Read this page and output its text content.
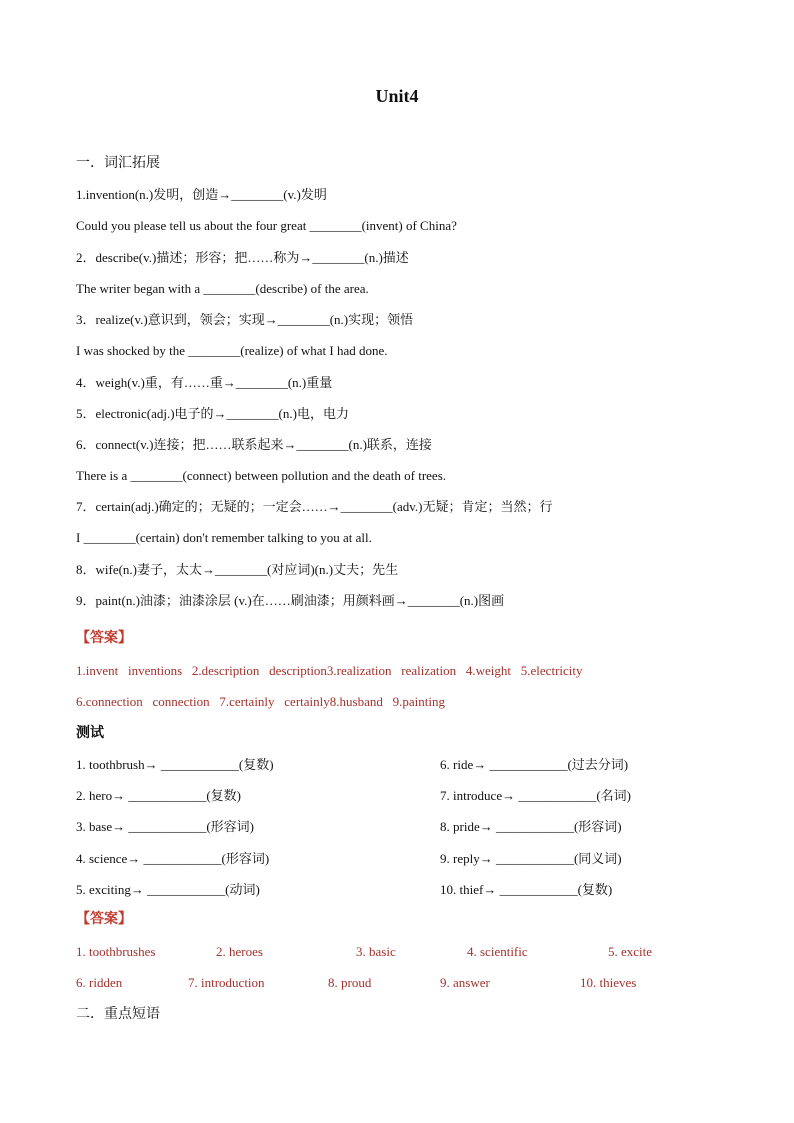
Unit4
一．词汇拓展
1.invention(n.)发明，创造→________(v.)发明
Could you please tell us about the four great ________(invent) of China?
2．describe(v.)描述；形容；把……称为→________(n.)描述
The writer began with a ________(describe) of the area.
3．realize(v.)意识到，领会；实现→________(n.)实现；领悟
I was shocked by the ________(realize) of what I had done.
4．weigh(v.)重，有……重→________(n.)重量
5．electronic(adj.)电子的→________(n.)电，电力
6．connect(v.)连接；把……联系起来→________(n.)联系，连接
There is a ________(connect) between pollution and the death of trees.
7．certain(adj.)确定的；无疑的；一定会……→________(adv.)无疑；肯定；当然；行
I ________(certain) don't remember talking to you at all.
8．wife(n.)妻子，太太→________(对应词)(n.)丈夫；先生
9．paint(n.)油漆；油漆涂层 (v.)在……刷油漆；用颜料画→________(n.)图画
【答案】
1.invent   inventions   2.description   description3.realization   realization   4.weight   5.electricity
6.connection   connection   7.certainly   certainly8.husband   9.painting
测试
1. toothbrush→ ____________(复数)
2. hero→ ____________(复数)
3. base→ ____________(形容词)
4. science→ ____________(形容词)
5. exciting→ ____________(动词)
6. ride→ ____________(过去分词)
7. introduce→ ____________(名词)
8. pride→ ____________(形容词)
9. reply→ ____________(同义词)
10. thief→ ____________(复数)
【答案】
1. toothbrushes	2. heroes	3. basic	4. scientific	5. excite
6. ridden	7. introduction	8. proud	9. answer	10. thieves
二．重点短语
